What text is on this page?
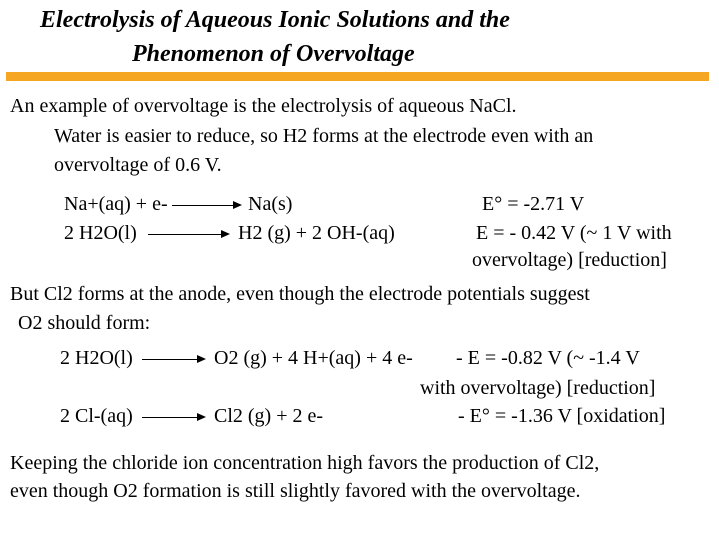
Electrolysis of Aqueous Ionic Solutions and the
Phenomenon of Overvoltage
An example of overvoltage is the electrolysis of aqueous NaCl.
Water is easier to reduce, so H2 forms at the electrode even with an
overvoltage of 0.6 V.
Na+(aq) + e-	Na(s)	E° = -2.71 V
2 H2O(l)	H2 (g) + 2 OH-(aq)	E = - 0.42 V (~ 1 V with
overvoltage) [reduction]
But Cl2 forms at the anode, even though the electrode potentials suggest
O2 should form:
2 H2O(l) → O2 (g) + 4 H+(aq) + 4 e- - E = -0.82 V (~ -1.4 V
with overvoltage) [reduction]
2 Cl-(aq) → Cl2 (g) + 2 e-	- E° = -1.36 V [oxidation]
Keeping the chloride ion concentration high favors the production of Cl2,
even though O2 formation is still slightly favored with the overvoltage.
